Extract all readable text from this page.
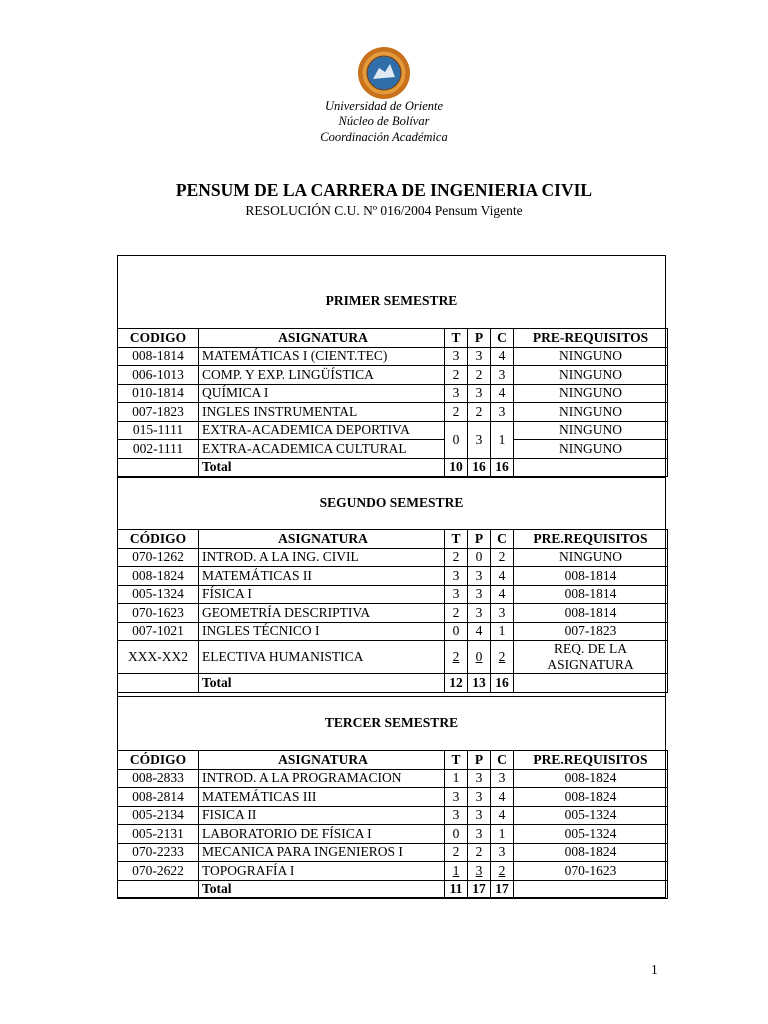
Universidad de Oriente
Núcleo de Bolívar
Coordinación Académica
PENSUM DE LA CARRERA DE INGENIERIA CIVIL
RESOLUCIÓN C.U. Nº 016/2004 Pensum Vigente
PRIMER SEMESTRE
CODIGO	ASIGNATURA	T	P	C	PRE-REQUISITOS
008-1814	MATEMÁTICAS I (CIENT.TEC)	3	3	4	NINGUNO
006-1013	COMP. Y EXP. LINGÜÍSTICA	2	2	3	NINGUNO
010-1814	QUÍMICA I	3	3	4	NINGUNO
007-1823	INGLES INSTRUMENTAL	2	2	3	NINGUNO
015-1111	EXTRA-ACADEMICA DEPORTIVA	0	3	1	NINGUNO
002-1111	EXTRA-ACADEMICA CULTURAL				NINGUNO
	Total	10	16	16	
SEGUNDO SEMESTRE
CÓDIGO	ASIGNATURA	T	P	C	PRE.REQUISITOS
070-1262	INTROD. A LA ING. CIVIL	2	0	2	NINGUNO
008-1824	MATEMÁTICAS II	3	3	4	008-1814
005-1324	FÍSICA I	3	3	4	008-1814
070-1623	GEOMETRÍA DESCRIPTIVA	2	3	3	008-1814
007-1021	INGLES TÉCNICO I	0	4	1	007-1823
XXX-XX2	ELECTIVA HUMANISTICA	2	0	2	REQ. DE LA
ASIGNATURA

	Total	12	13	16	
TERCER SEMESTRE
CÓDIGO	ASIGNATURA	T	P	C	PRE.REQUISITOS
008-2833	INTROD. A LA PROGRAMACION	1	3	3	008-1824
008-2814	MATEMÁTICAS III	3	3	4	008-1824
005-2134	FISICA II	3	3	4	005-1324
005-2131	LABORATORIO DE FÍSICA I	0	3	1	005-1324
070-2233	MECANICA PARA INGENIEROS I	2	2	3	008-1824
070-2622	TOPOGRAFÍA I	1	3	2	070-1623
	Total	11	17	17	
1
